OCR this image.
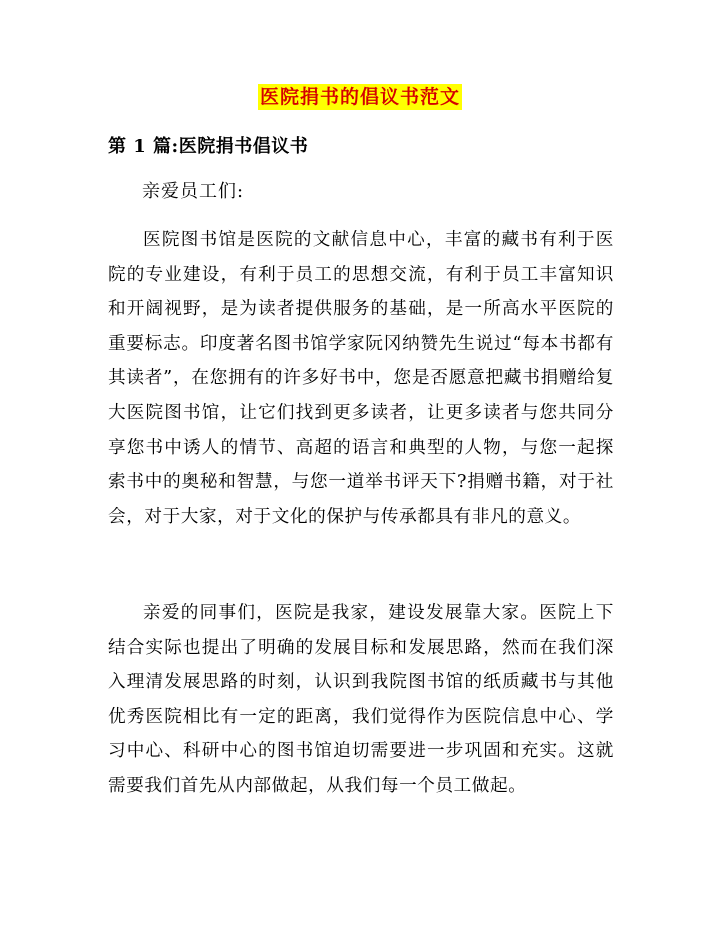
医院捐书的倡议书范文
第 1 篇:医院捐书倡议书
亲爱员工们:

医院图书馆是医院的文献信息中心，丰富的藏书有利于医院的专业建设，有利于员工的思想交流，有利于员工丰富知识和开阔视野，是为读者提供服务的基础，是一所高水平医院的重要标志。印度著名图书馆学家阮冈纳赞先生说过“每本书都有其读者”，在您拥有的许多好书中，您是否愿意把藏书捐赠给复大医院图书馆，让它们找到更多读者，让更多读者与您共同分享您书中诱人的情节、高超的语言和典型的人物，与您一起探索书中的奥秘和智慧，与您一道举书评天下?捐赠书籍，对于社会，对于大家，对于文化的保护与传承都具有非凡的意义。

亲爱的同事们，医院是我家，建设发展靠大家。医院上下结合实际也提出了明确的发展目标和发展思路，然而在我们深入理清发展思路的时刻，认识到我院图书馆的纸质藏书与其他优秀医院相比有一定的距离，我们觉得作为医院信息中心、学习中心、科研中心的图书馆迫切需要进一步巩固和充实。这就需要我们首先从内部做起，从我们每一个员工做起。
